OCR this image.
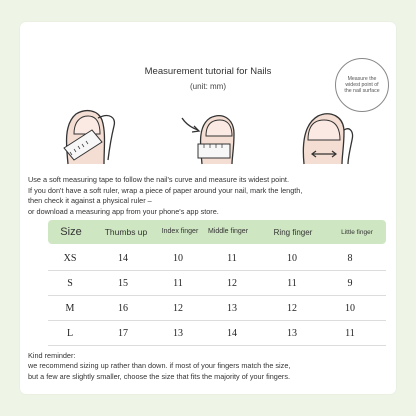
Measurement tutorial for Nails
(unit: mm)
Measure the
widest point of
the nail surface
Use a soft measuring tape to follow the nail's curve and measure its widest point.
If you don't have a soft ruler, wrap a piece of paper around your nail, mark the length,
then check it against a physical ruler –
or download a measuring app from your phone's app store.
Size	Thumbs up	Index finger	Middle finger	Ring finger	Little finger
XS	14	10	11	10	8
S	15	11	12	11	9
M	16	12	13	12	10
L	17	13	14	13	11
Kind reminder:
we recommend sizing up rather than down. if most of your fingers match the size,
but a few are slightly smaller, choose the size that fits the majority of your fingers.
